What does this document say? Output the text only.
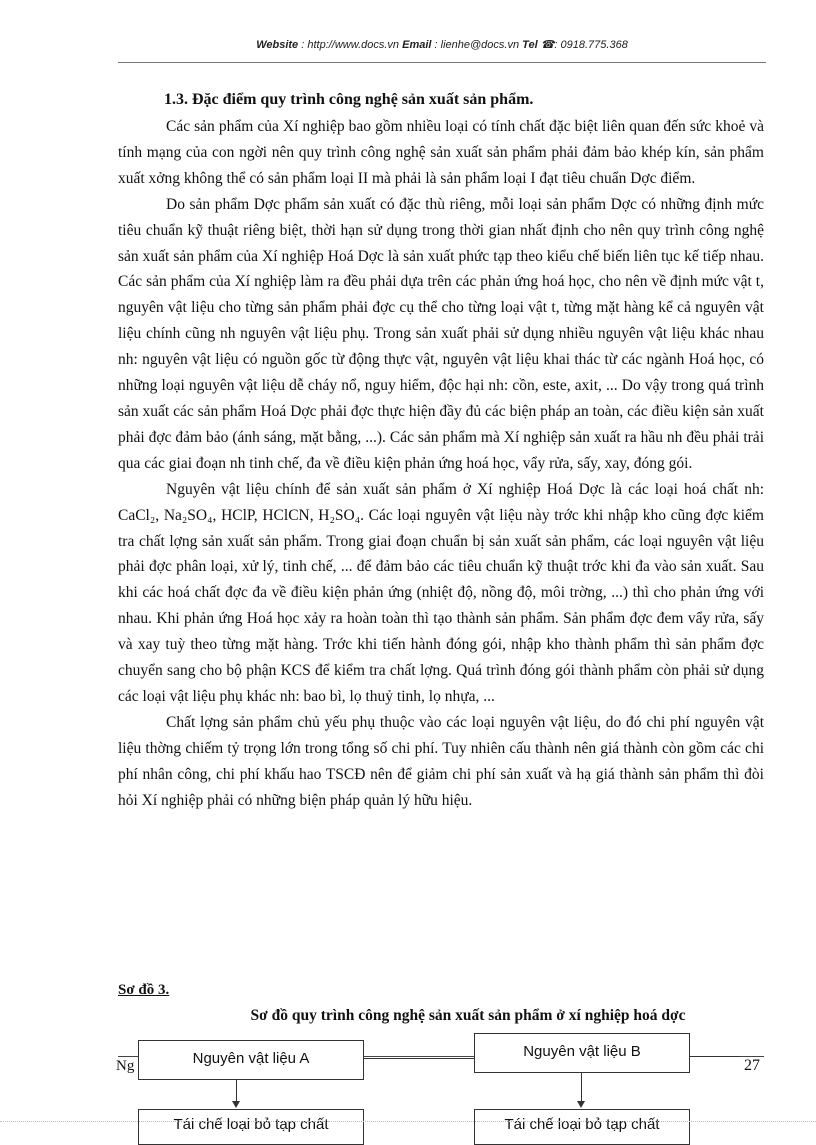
Website : http://www.docs.vn Email : lienhe@docs.vn Tel ☎: 0918.775.368
1.3. Đặc điểm quy trình công nghệ sản xuất sản phẩm.

Các sản phẩm của Xí nghiệp bao gồm nhiều loại có tính chất đặc biệt liên quan đến sức khoẻ và tính mạng của con ngời nên quy trình công nghệ sản xuất sản phẩm phải đảm bảo khép kín, sản phẩm xuất xởng không thể có sản phẩm loại II mà phải là sản phẩm loại I đạt tiêu chuẩn Dợc điểm.

Do sản phẩm Dợc phẩm sản xuất có đặc thù riêng, mỗi loại sản phẩm Dợc có những định mức tiêu chuẩn kỹ thuật riêng biệt, thời hạn sử dụng trong thời gian nhất định cho nên quy trình công nghệ sản xuất sản phẩm của Xí nghiệp Hoá Dợc là sản xuất phức tạp theo kiểu chế biến liên tục kế tiếp nhau. Các sản phẩm của Xí nghiệp làm ra đều phải dựa trên các phản ứng hoá học, cho nên về định mức vật t, nguyên vật liệu cho từng sản phẩm phải đợc cụ thể cho từng loại vật t, từng mặt hàng kể cả nguyên vật liệu chính cũng nh nguyên vật liệu phụ. Trong sản xuất phải sử dụng nhiều nguyên vật liệu khác nhau nh: nguyên vật liệu có nguồn gốc từ động thực vật, nguyên vật liệu khai thác từ các ngành Hoá học, có những loại nguyên vật liệu dễ cháy nổ, nguy hiểm, độc hại nh: cồn, este, axit, ... Do vậy trong quá trình sản xuất các sản phẩm Hoá Dợc phải đợc thực hiện đầy đủ các biện pháp an toàn, các điều kiện sản xuất phải đợc đảm bảo (ánh sáng, mặt bằng, ...). Các sản phẩm mà Xí nghiệp sản xuất ra hầu nh đều phải trải qua các giai đoạn nh tinh chế, đa về điều kiện phản ứng hoá học, vẩy rửa, sấy, xay, đóng gói.

Nguyên vật liệu chính để sản xuất sản phẩm ở Xí nghiệp Hoá Dợc là các loại hoá chất nh: CaCl₂, Na₂SO₄, HClP, HClCN, H₂SO₄. Các loại nguyên vật liệu này trớc khi nhập kho cũng đợc kiểm tra chất lợng sản xuất sản phẩm. Trong giai đoạn chuẩn bị sản xuất sản phẩm, các loại nguyên vật liệu phải đợc phân loại, xử lý, tinh chế, ... để đảm bảo các tiêu chuẩn kỹ thuật trớc khi đa vào sản xuất. Sau khi các hoá chất đợc đa về điều kiện phản ứng (nhiệt độ, nồng độ, môi trờng, ...) thì cho phản ứng với nhau. Khi phản ứng Hoá học xảy ra hoàn toàn thì tạo thành sản phẩm. Sản phẩm đợc đem vẩy rửa, sấy và xay tuỳ theo từng mặt hàng. Trớc khi tiến hành đóng gói, nhập kho thành phẩm thì sản phẩm đợc chuyển sang cho bộ phận KCS để kiểm tra chất lợng. Quá trình đóng gói thành phẩm còn phải sử dụng các loại vật liệu phụ khác nh: bao bì, lọ thuỷ tinh, lọ nhựa, ...

Chất lợng sản phẩm chủ yếu phụ thuộc vào các loại nguyên vật liệu, do đó chi phí nguyên vật liệu thờng chiếm tỷ trọng lớn trong tổng số chi phí. Tuy nhiên cấu thành nên giá thành còn gồm các chi phí nhân công, chi phí khấu hao TSCĐ nên để giảm chi phí sản xuất và hạ giá thành sản phẩm thì đòi hỏi Xí nghiệp phải có những biện pháp quản lý hữu hiệu.

Sơ đồ 3.
Sơ đồ quy trình công nghệ sản xuất sản phẩm ở xí nghiệp hoá dợc
Ng	27
Nguyên vật liệu A	Nguyên vật liệu B
Tái chế loại bỏ tạp chất	Tái chế loại bỏ tạp chất
